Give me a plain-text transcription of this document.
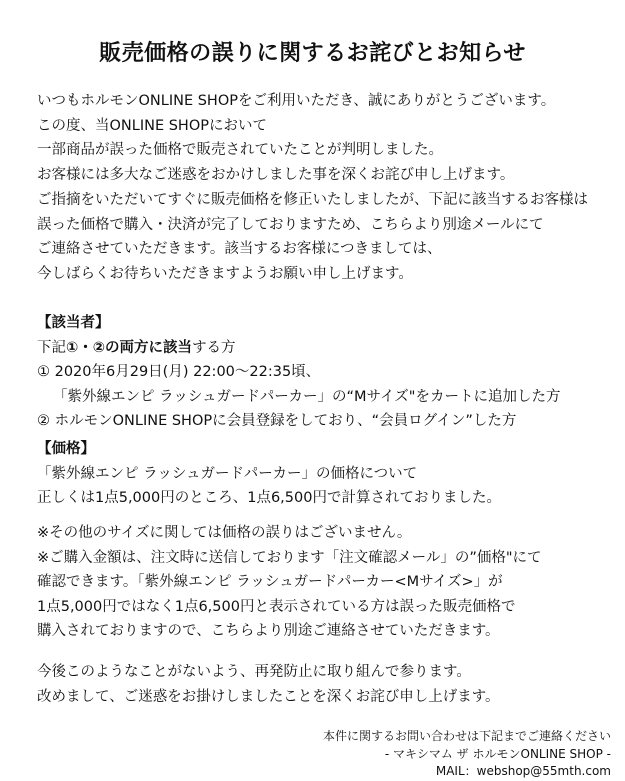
販売価格の誤りに関するお詫びとお知らせ
いつもホルモンONLINE SHOPをご利用いただき、誠にありがとうございます。
この度、当ONLINE SHOPにおいて
一部商品が誤った価格で販売されていたことが判明しました。
お客様には多大なご迷惑をおかけしました事を深くお詫び申し上げます。
ご指摘をいただいてすぐに販売価格を修正いたしましたが、下記に該当するお客様は
誤った価格で購入・決済が完了しておりますため、こちらより別途メールにて
ご連絡させていただきます。該当するお客様につきましては、
今しばらくお待ちいただきますようお願い申し上げます。
【該当者】
下記①・②の両方に該当する方
① 2020年6月29日(月) 22:00〜22:35頃、
「紫外線エンピ ラッシュガードパーカー」の“Mサイズ"をカートに追加した方
② ホルモンONLINE SHOPに会員登録をしており、“会員ログイン”した方
【価格】
「紫外線エンピ ラッシュガードパーカー」の価格について
正しくは1点5,000円のところ、1点6,500円で計算されておりました。
※その他のサイズに関しては価格の誤りはございません。
※ご購入金額は、注文時に送信しております「注文確認メール」の”価格"にて
確認できます。「紫外線エンピ ラッシュガードパーカー<Mサイズ>」が
1点5,000円ではなく1点6,500円と表示されている方は誤った販売価格で
購入されておりますので、こちらより別途ご連絡させていただきます。
今後このようなことがないよう、再発防止に取り組んで参ります。
改めまして、ご迷惑をお掛けしましたことを深くお詫び申し上げます。
本件に関するお問い合わせは下記までご連絡ください
- マキシマム ザ ホルモンONLINE SHOP -
MAIL：webshop@55mth.com
